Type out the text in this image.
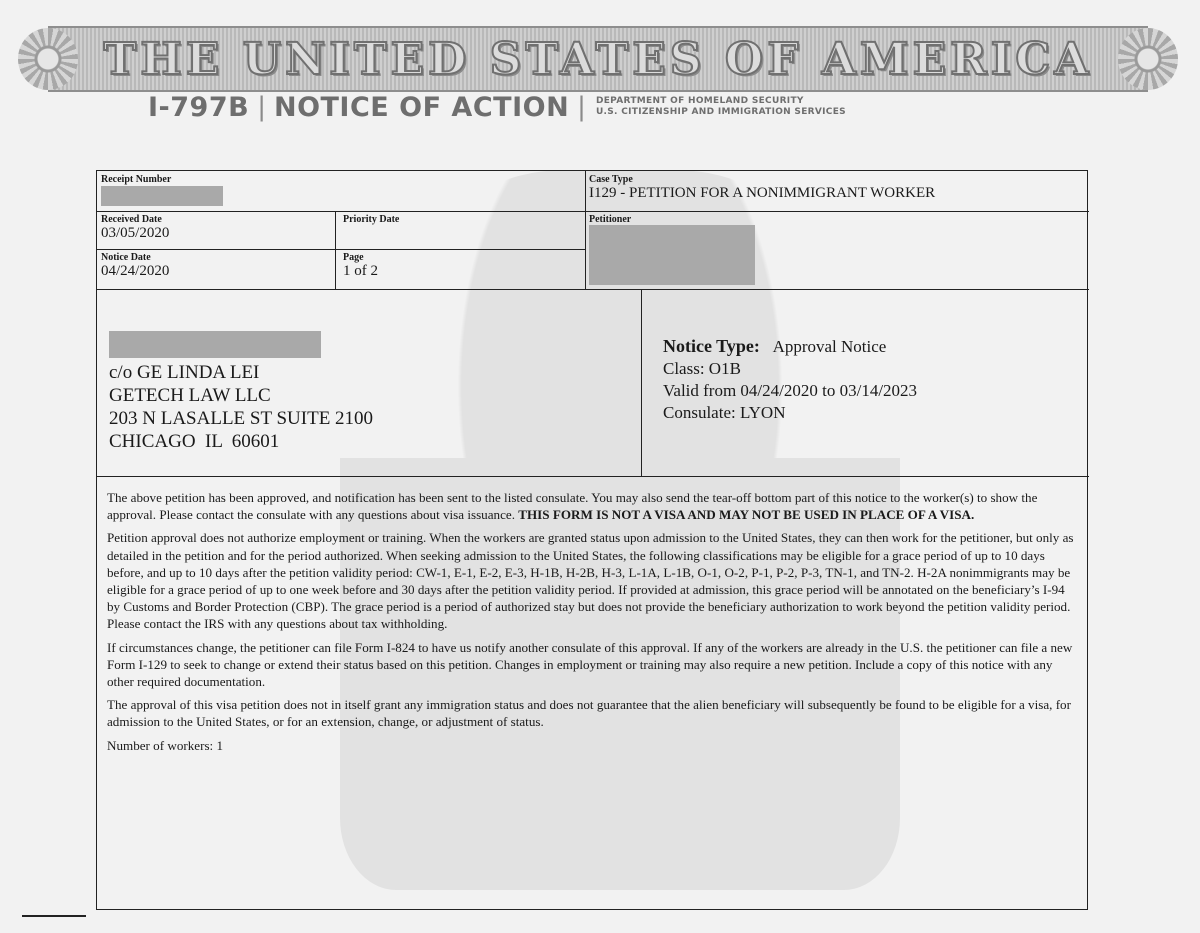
THE UNITED STATES OF AMERICA
I-797B | NOTICE OF ACTION | DEPARTMENT OF HOMELAND SECURITY
U.S. CITIZENSHIP AND IMMIGRATION SERVICES
Receipt Number	Case Type
I129 - PETITION FOR A NONIMMIGRANT WORKER
Received Date
03/05/2020
Priority Date	Petitioner
Notice Date
04/24/2020
Page
1 of 2
c/o GE LINDA LEI
GETECH LAW LLC
203 N LASALLE ST SUITE 2100
CHICAGO  IL  60601
Notice Type: Approval Notice
Class: O1B
Valid from 04/24/2020 to 03/14/2023
Consulate: LYON

The above petition has been approved, and notification has been sent to the listed consulate. You may also send the tear-off bottom part of this notice to the worker(s) to show the approval. Please contact the consulate with any questions about visa issuance. THIS FORM IS NOT A VISA AND MAY NOT BE USED IN PLACE OF A VISA.

Petition approval does not authorize employment or training. When the workers are granted status upon admission to the United States, they can then work for the petitioner, but only as detailed in the petition and for the period authorized. When seeking admission to the United States, the following classifications may be eligible for a grace period of up to 10 days before, and up to 10 days after the petition validity period: CW-1, E-1, E-2, E-3, H-1B, H-2B, H-3, L-1A, L-1B, O-1, O-2, P-1, P-2, P-3, TN-1, and TN-2. H-2A nonimmigrants may be eligible for a grace period of up to one week before and 30 days after the petition validity period. If provided at admission, this grace period will be annotated on the beneficiary’s I-94 by Customs and Border Protection (CBP). The grace period is a period of authorized stay but does not provide the beneficiary authorization to work beyond the petition validity period. Please contact the IRS with any questions about tax withholding.

If circumstances change, the petitioner can file Form I-824 to have us notify another consulate of this approval. If any of the workers are already in the U.S. the petitioner can file a new Form I-129 to seek to change or extend their status based on this petition. Changes in employment or training may also require a new petition. Include a copy of this notice with any other required documentation.

The approval of this visa petition does not in itself grant any immigration status and does not guarantee that the alien beneficiary will subsequently be found to be eligible for a visa, for admission to the United States, or for an extension, change, or adjustment of status.

Number of workers: 1
